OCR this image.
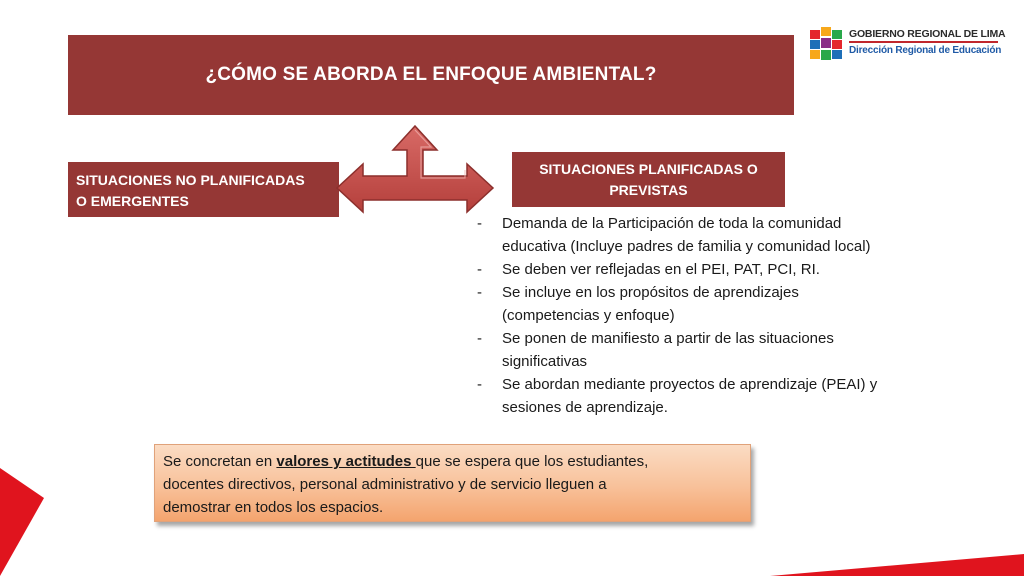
¿CÓMO SE ABORDA EL ENFOQUE AMBIENTAL?
GOBIERNO REGIONAL DE LIMA
Dirección Regional de Educación
SITUACIONES NO PLANIFICADAS
O EMERGENTES
SITUACIONES PLANIFICADAS O
PREVISTAS
- Demanda de la Participación de toda la comunidad
educativa (Incluye padres de familia y comunidad local)
- Se deben ver reflejadas en el PEI, PAT, PCI, RI.
- Se incluye en los propósitos de aprendizajes
(competencias y enfoque)
- Se ponen de manifiesto a partir de las situaciones
significativas
- Se abordan mediante proyectos de aprendizaje (PEAI) y
sesiones de aprendizaje.
Se concretan en valores y actitudes que se espera que los estudiantes,
docentes directivos, personal administrativo y de servicio lleguen a
demostrar en todos los espacios.
